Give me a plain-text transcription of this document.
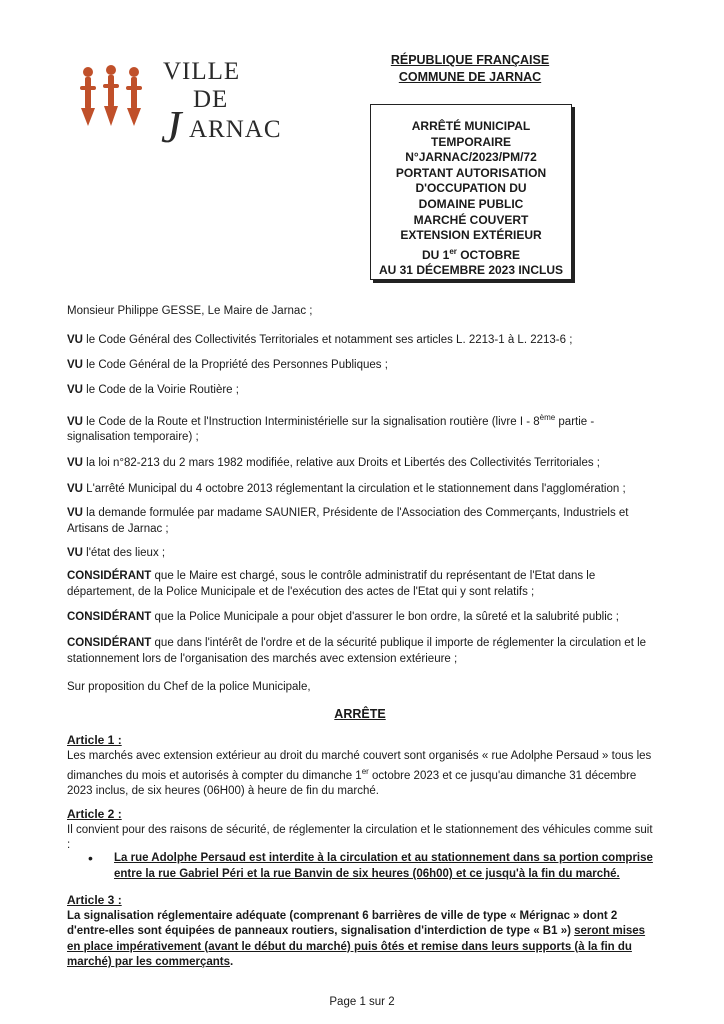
VILLE
DE
J ARNAC
RÉPUBLIQUE FRANÇAISE
COMMUNE DE JARNAC
ARRÊTÉ MUNICIPAL
TEMPORAIRE
N°JARNAC/2023/PM/72
PORTANT AUTORISATION
D'OCCUPATION DU
DOMAINE PUBLIC
MARCHÉ COUVERT
EXTENSION EXTÉRIEUR
DU 1er OCTOBRE
AU 31 DÉCEMBRE 2023 INCLUS
Monsieur Philippe GESSE, Le Maire de Jarnac ;
VU le Code Général des Collectivités Territoriales et notamment ses articles L. 2213-1 à L. 2213-6 ;
VU le Code Général de la Propriété des Personnes Publiques ;
VU le Code de la Voirie Routière ;
VU le Code de la Route et l'Instruction Interministérielle sur la signalisation routière (livre I - 8ème partie - signalisation temporaire) ;
VU la loi n°82-213 du 2 mars 1982 modifiée, relative aux Droits et Libertés des Collectivités Territoriales ;
VU L'arrêté Municipal du 4 octobre 2013 réglementant la circulation et le stationnement dans l'agglomération ;
VU la demande formulée par madame SAUNIER, Présidente de l'Association des Commerçants, Industriels et Artisans de Jarnac ;
VU l'état des lieux ;
CONSIDÉRANT que le Maire est chargé, sous le contrôle administratif du représentant de l'Etat dans le département, de la Police Municipale et de l'exécution des actes de l'Etat qui y sont relatifs ;
CONSIDÉRANT que la Police Municipale a pour objet d'assurer le bon ordre, la sûreté et la salubrité public ;
CONSIDÉRANT que dans l'intérêt de l'ordre et de la sécurité publique il importe de réglementer la circulation et le stationnement lors de l'organisation des marchés avec extension extérieure ;
Sur proposition du Chef de la police Municipale,
ARRÊTE
Article 1 :
Les marchés avec extension extérieur au droit du marché couvert sont organisés « rue Adolphe Persaud » tous les dimanches du mois et autorisés à compter du dimanche 1er octobre 2023 et ce jusqu'au dimanche 31 décembre 2023 inclus, de six heures (06H00) à heure de fin du marché.
Article 2 :
Il convient pour des raisons de sécurité, de réglementer la circulation et le stationnement des véhicules comme suit :
• La rue Adolphe Persaud est interdite à la circulation et au stationnement dans sa portion comprise entre la rue Gabriel Péri et la rue Banvin de six heures (06h00) et ce jusqu'à la fin du marché.
Article 3 :
La signalisation réglementaire adéquate (comprenant 6 barrières de ville de type « Mérignac » dont 2 d'entre-elles sont équipées de panneaux routiers, signalisation d'interdiction de type « B1 ») seront mises en place impérativement (avant le début du marché) puis ôtés et remise dans leurs supports (à la fin du marché) par les commerçants.
Page 1 sur 2
